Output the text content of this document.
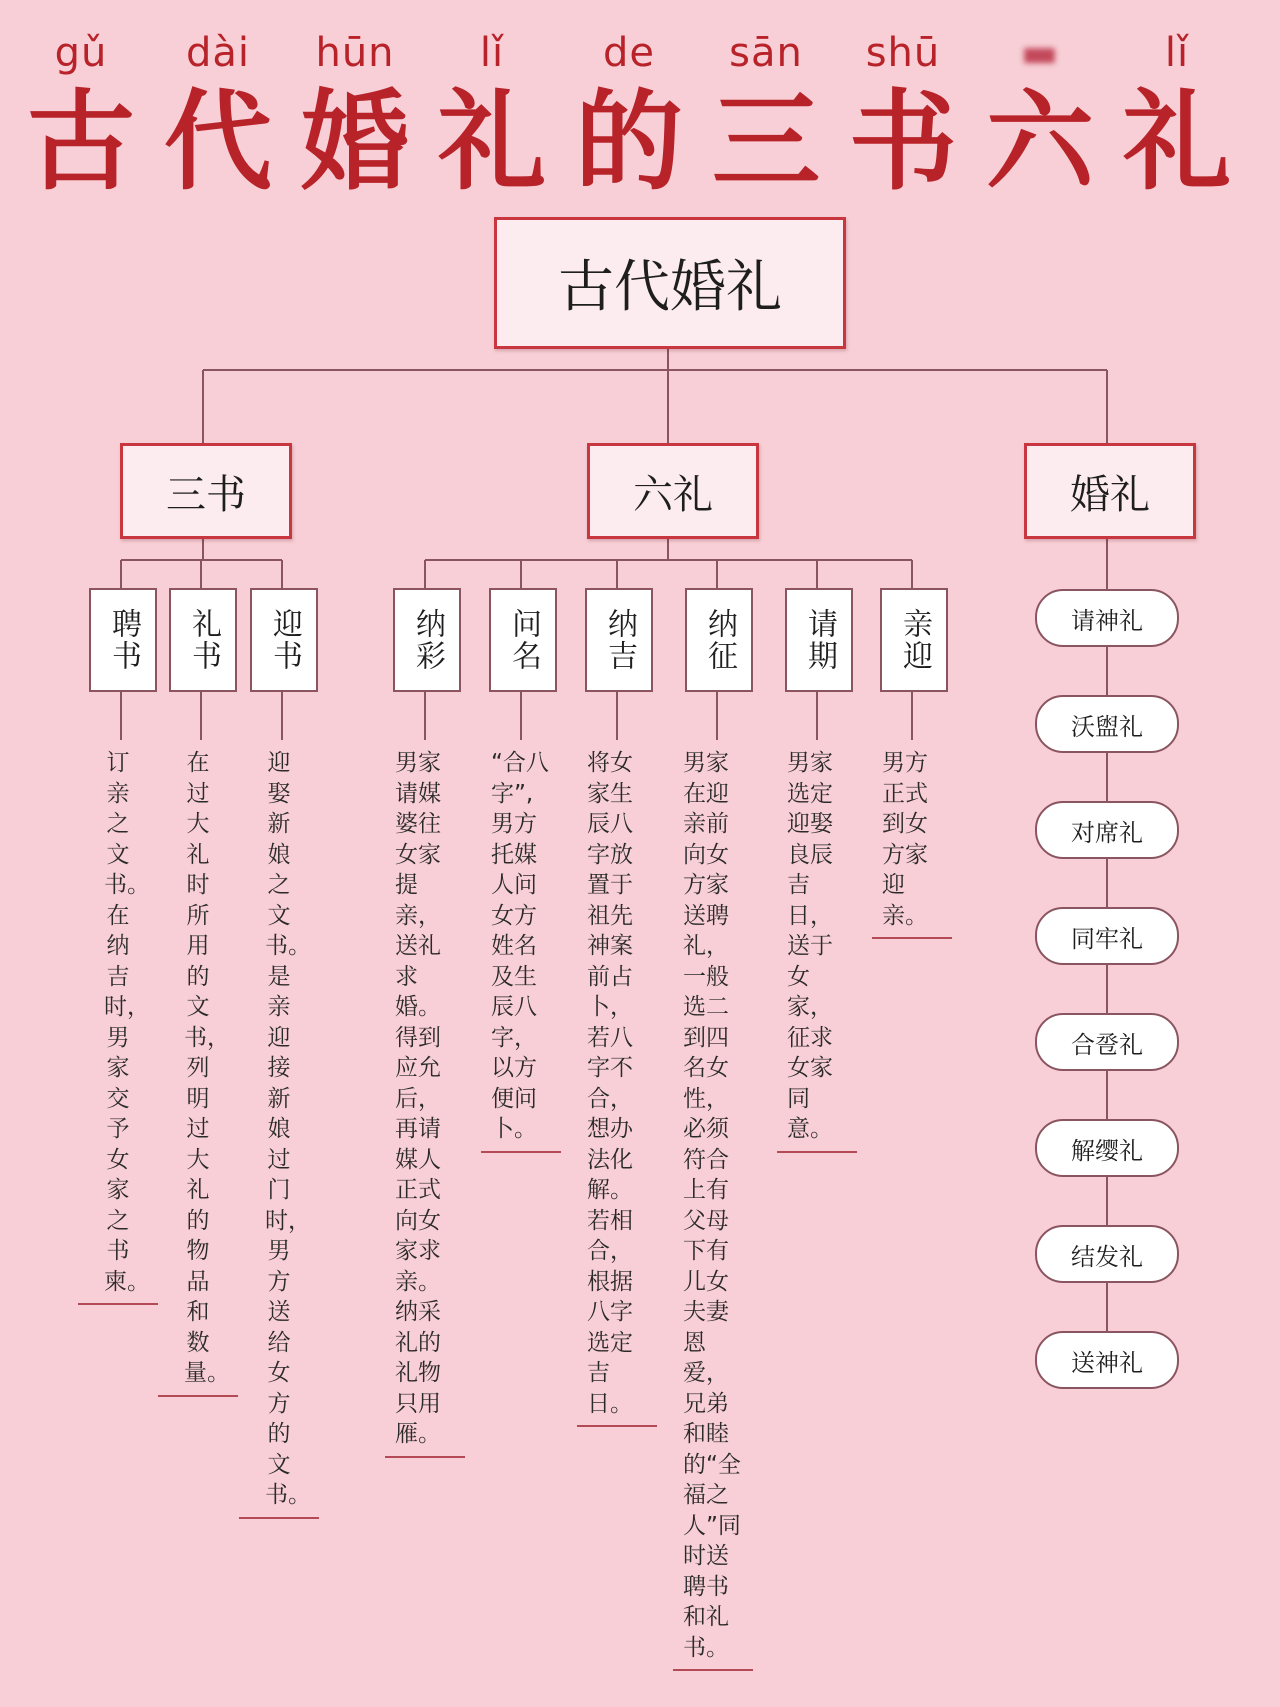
gǔ	dài	hūn	lǐ	de	sān	shū	▬	lǐ
古 代 婚 礼 的 三 书 六 礼
古代婚礼
三书	六礼	婚礼
聘书	礼书	迎书	纳彩	问名	纳吉	纳征	请期	亲迎
订亲之文书。在纳吉时，男家交予女家之书柬。
在过大礼时所用的文书，列明过大礼的物品和数量。
迎娶新娘之文书。是亲迎接新娘过门时，男方送给女方的文书。
男家请媒婆往女家提亲，送礼求婚。得到应允后，再请媒人正式向女家求亲。纳采礼的礼物只用雁。
“合八字”,男方托媒人问女方姓名及生辰八字，以方便问卜。
将女家生辰八字放置于祖先神案前占卜，若八字不合，想办法化解。若相合，根据八字选定吉日。
男家在迎亲前向女方家送聘礼，一般选二到四名女性，必须符合上有父母下有儿女夫妻恩爱，兄弟和睦的“全福之人”同时送聘书和礼书。
男家选定迎娶良辰吉日，送于女家，征求女家同意。
男方正式到女方家迎亲。
请神礼
沃盥礼
对席礼
同牢礼
合卺礼
解缨礼
结发礼
送神礼
